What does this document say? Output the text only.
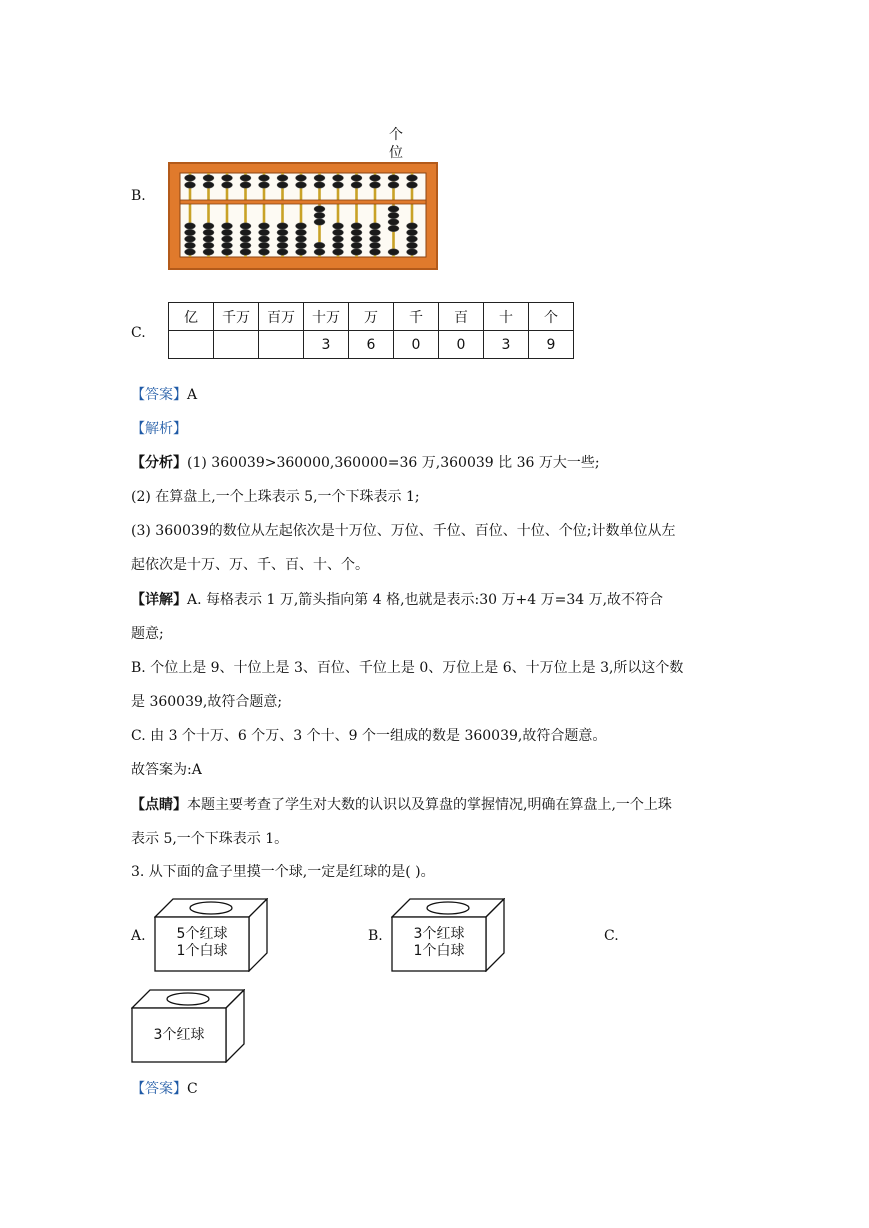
B.
个
位
C.
亿	千万	百万	十万	万	千	百	十	个
			3	6	0	0	3	9
【答案】A
【解析】
【分析】(1) 360039>360000,360000=36 万,360039 比 36 万大一些;
(2) 在算盘上,一个上珠表示 5,一个下珠表示 1;
(3) 360039的数位从左起依次是十万位、万位、千位、百位、十位、个位;计数单位从左
起依次是十万、万、千、百、十、个。
【详解】A. 每格表示 1 万,箭头指向第 4 格,也就是表示:30 万+4 万=34 万,故不符合
题意;
B. 个位上是 9、十位上是 3、百位、千位上是 0、万位上是 6、十万位上是 3,所以这个数
是 360039,故符合题意;
C. 由 3 个十万、6 个万、3 个十、9 个一组成的数是 360039,故符合题意。
故答案为:A
【点睛】本题主要考查了学生对大数的认识以及算盘的掌握情况,明确在算盘上,一个上珠
表示 5,一个下珠表示 1。
3. 从下面的盒子里摸一个球,一定是红球的是( )。
A.	5个红球
1个白球
B.	3个红球
1个白球
C.
3个红球
【答案】C
